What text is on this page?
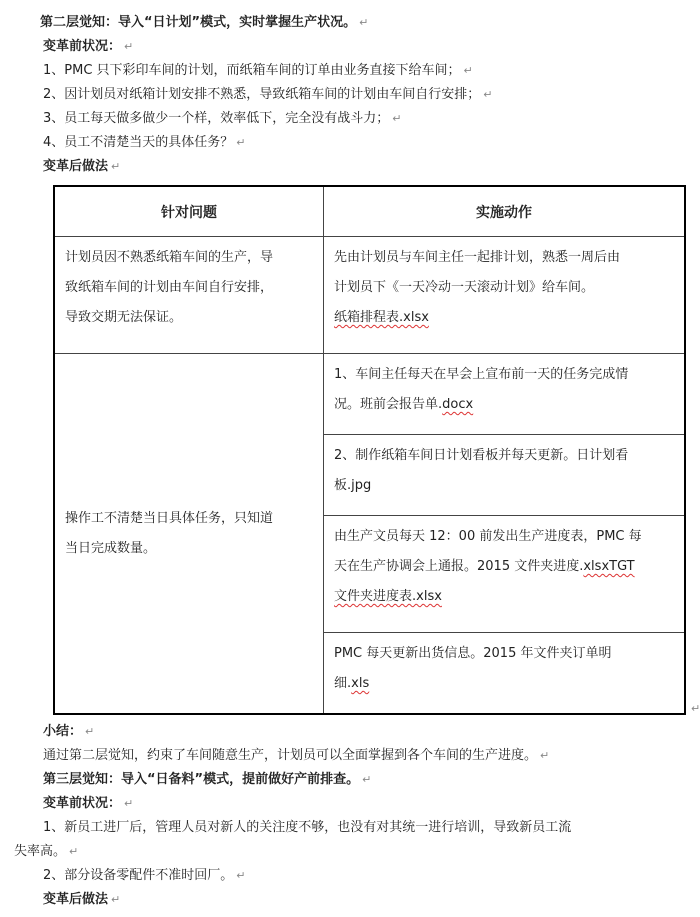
第二层觉知：导入“日计划”模式，实时掌握生产状况。 ↵
变革前状况： ↵
1、PMC 只下彩印车间的计划，而纸箱车间的订单由业务直接下给车间； ↵
2、因计划员对纸箱计划安排不熟悉，导致纸箱车间的计划由车间自行安排； ↵
3、员工每天做多做少一个样，效率低下，完全没有战斗力； ↵
4、员工不清楚当天的具体任务？ ↵
变革后做法 ↵
针对问题	实施动作

计划员因不熟悉纸箱车间的生产，导
致纸箱车间的计划由车间自行安排，
导致交期无法保证。	先由计划员与车间主任一起排计划，熟悉一周后由
计划员下《一天冷动一天滚动计划》给车间。
纸箱排程表.xlsx

操作工不清楚当日具体任务，只知道
当日完成数量。	1、车间主任每天在早会上宣布前一天的任务完成情
况。班前会报告单.docx

	2、制作纸箱车间日计划看板并每天更新。日计划看
板.jpg

	由生产文员每天 12：00 前发出生产进度表，PMC 每
天在生产协调会上通报。2015 文件夹进度.xlsxTGT
文件夹进度表.xlsx

	PMC 每天更新出货信息。2015 年文件夹订单明
细.xls
↵
小结： ↵
通过第二层觉知，约束了车间随意生产，计划员可以全面掌握到各个车间的生产进度。 ↵
第三层觉知：导入“日备料”模式，提前做好产前排查。 ↵
变革前状况： ↵
1、新员工进厂后，管理人员对新人的关注度不够，也没有对其统一进行培训，导致新员工流
失率高。 ↵
2、部分设备零配件不准时回厂。 ↵
变革后做法 ↵
